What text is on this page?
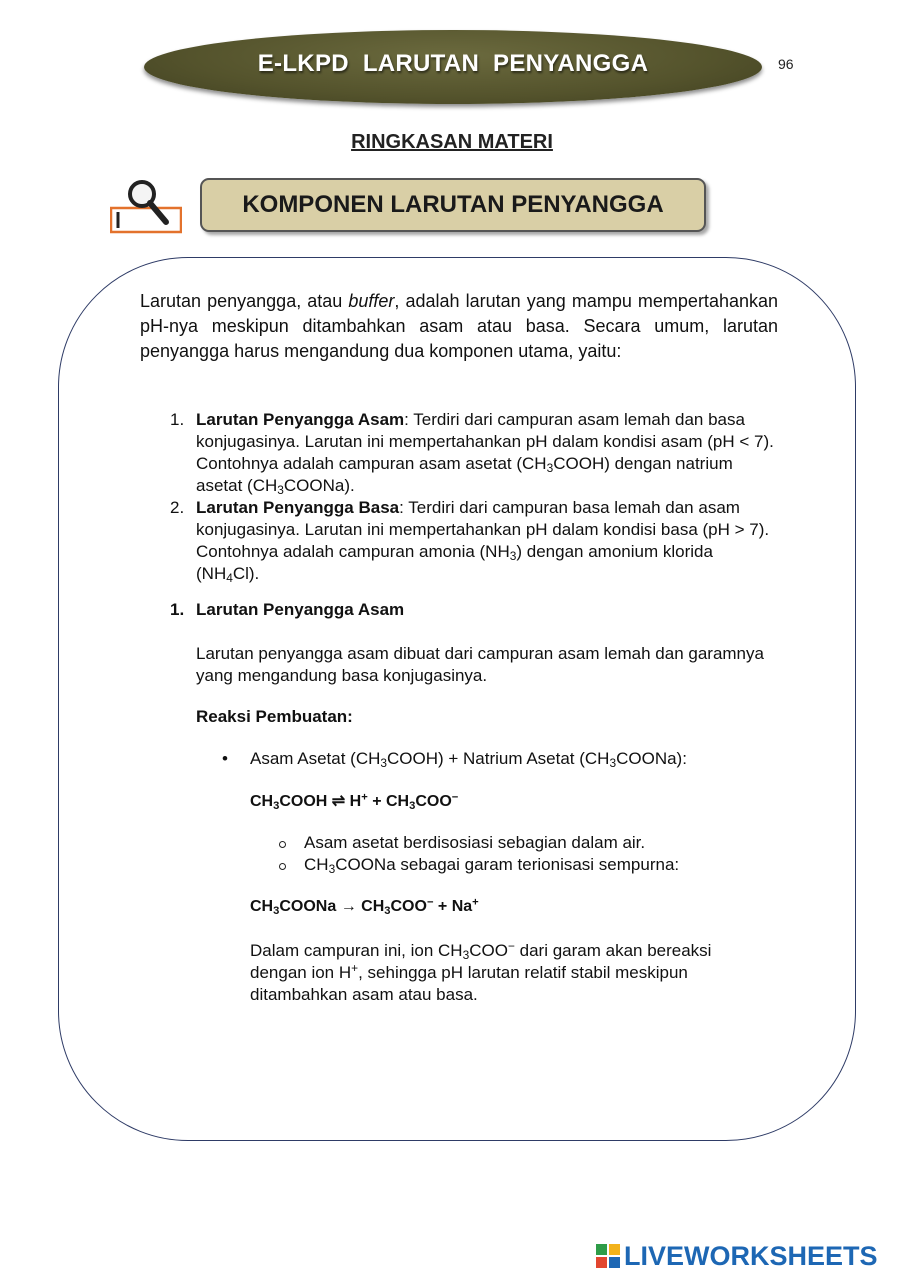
E-LKPD  LARUTAN  PENYANGGA	96
RINGKASAN MATERI
KOMPONEN LARUTAN PENYANGGA

Larutan penyangga, atau buffer, adalah larutan yang mampu mempertahankan pH-nya meskipun ditambahkan asam atau basa. Secara umum, larutan penyangga harus mengandung dua komponen utama, yaitu:

1. Larutan Penyangga Asam: Terdiri dari campuran asam lemah dan basa konjugasinya. Larutan ini mempertahankan pH dalam kondisi asam (pH < 7). Contohnya adalah campuran asam asetat $(CH_3COOH)$ dengan natrium asetat $(CH_3COONa)$.
2. Larutan Penyangga Basa: Terdiri dari campuran basa lemah dan asam konjugasinya. Larutan ini mempertahankan pH dalam kondisi basa (pH > 7). Contohnya adalah campuran amonia $(NH_3)$ dengan amonium klorida $(NH_4Cl)$.

1. Larutan Penyangga Asam

Larutan penyangga asam dibuat dari campuran asam lemah dan garamnya yang mengandung basa konjugasinya.

Reaksi Pembuatan:

•	Asam Asetat $(CH_3COOH)$ + Natrium Asetat $(CH_3COONa)$:
$CH_3COOH$ ⇌ $H^+ + CH_3COO^-$
Asam asetat berdisosiasi sebagian dalam air.
$CH_3COONa$ sebagai garam terionisasi sempurna:
$CH_3COONa \to CH_3COO^- + Na^+$

Dalam campuran ini, ion $CH_3COO^-$ dari garam akan bereaksi dengan ion H+, sehingga pH larutan relatif stabil meskipun ditambahkan asam atau basa.

LIVEWORKSHEETS
